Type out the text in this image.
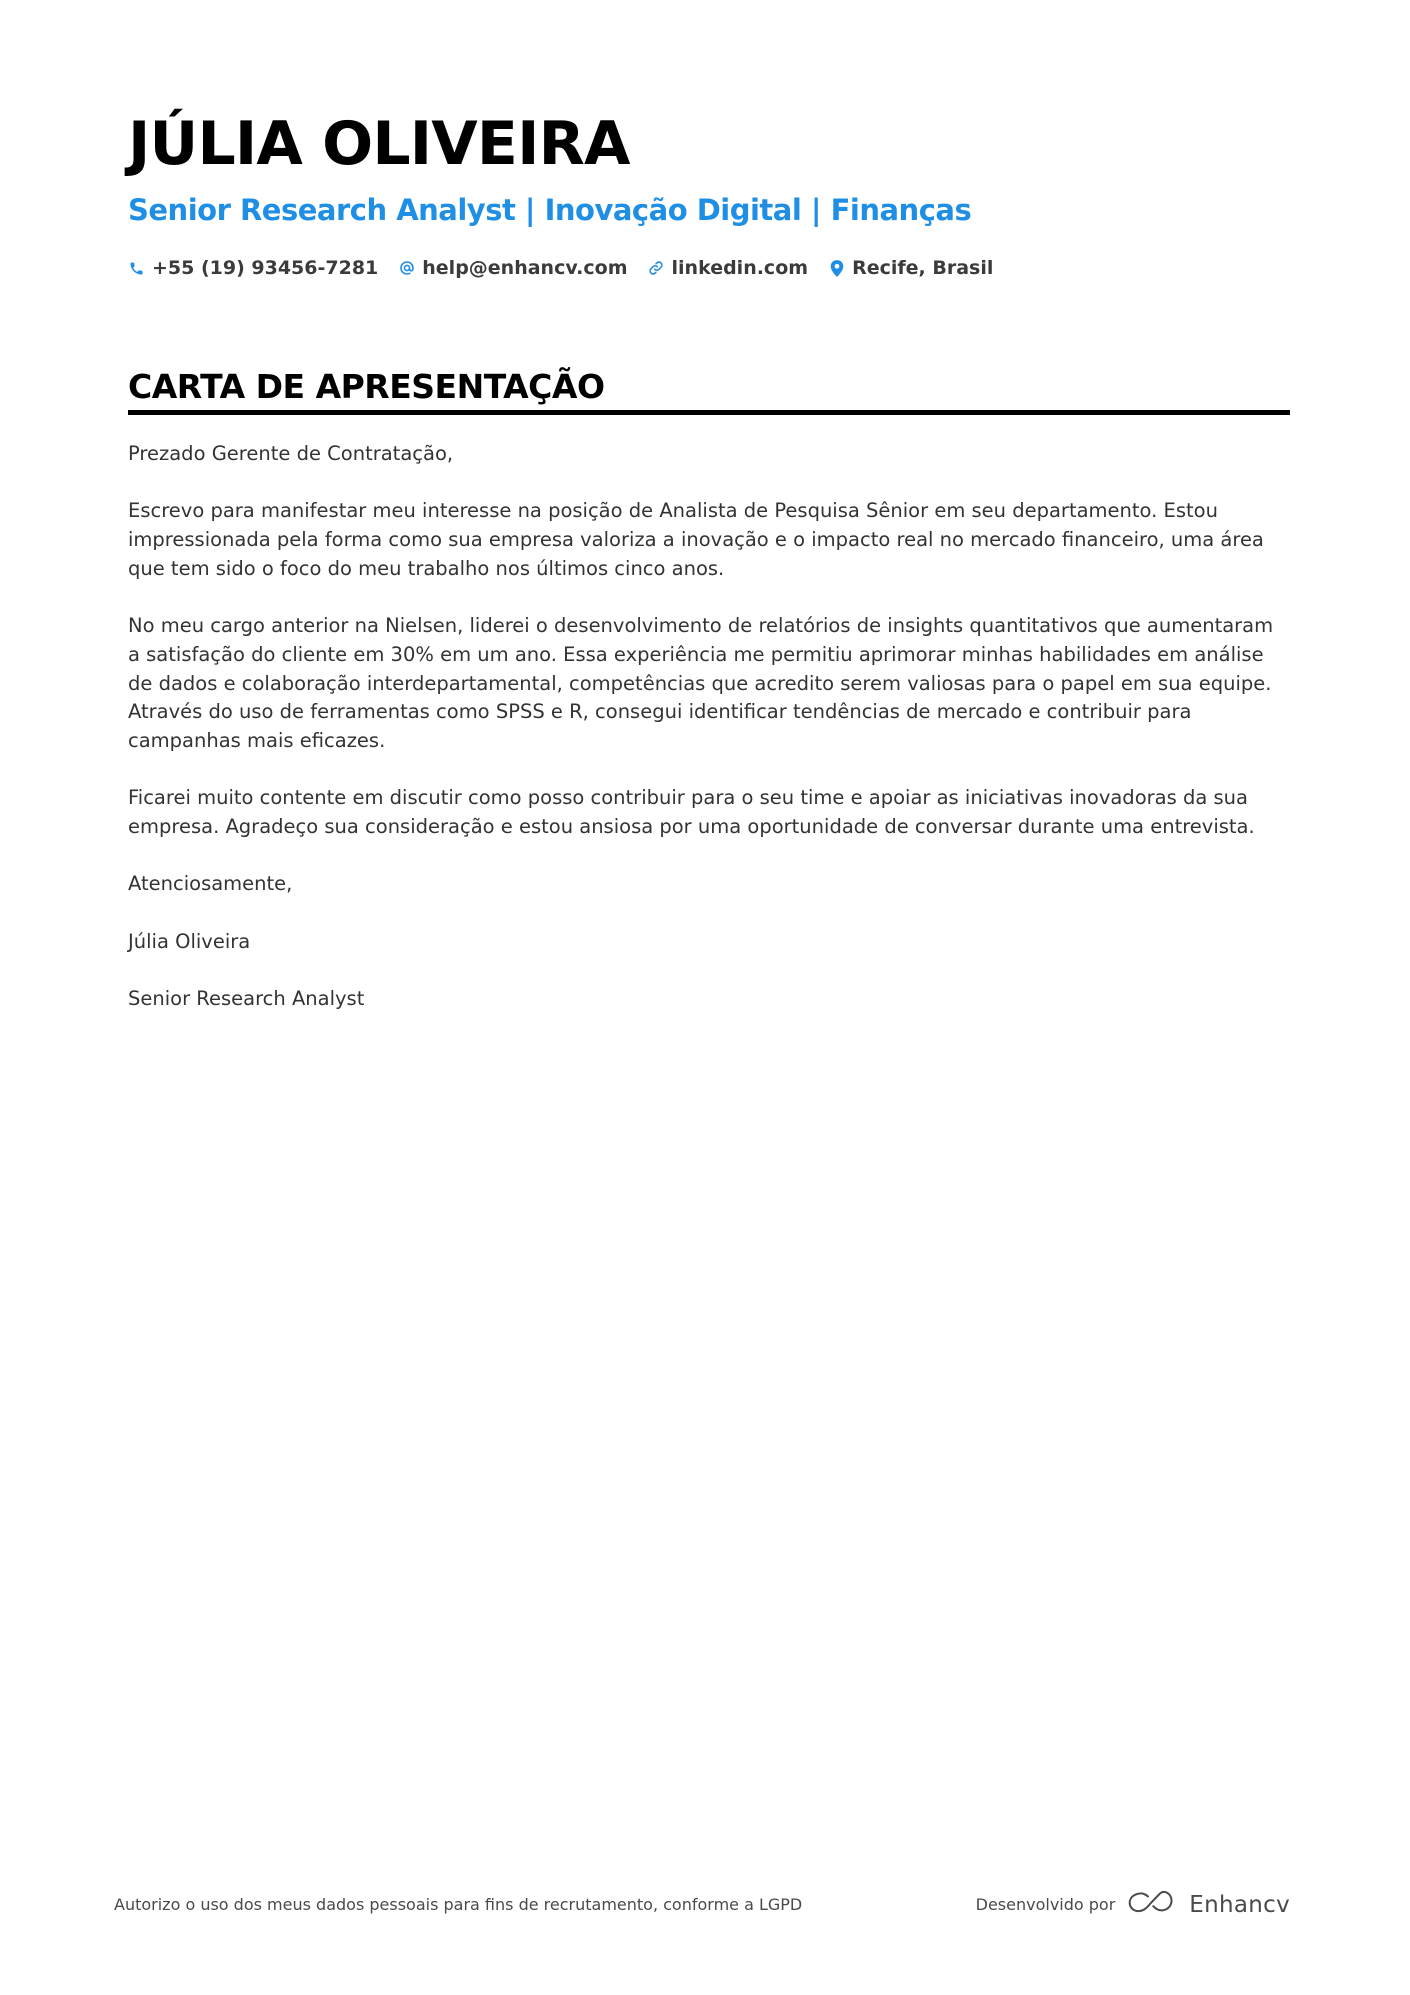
JÚLIA OLIVEIRA
Senior Research Analyst | Inovação Digital | Finanças
+55 (19) 93456-7281 help@enhancv.com linkedin.com Recife, Brasil
CARTA DE APRESENTAÇÃO

Prezado Gerente de Contratação,

Escrevo para manifestar meu interesse na posição de Analista de Pesquisa Sênior em seu departamento. Estou impressionada pela forma como sua empresa valoriza a inovação e o impacto real no mercado financeiro, uma área que tem sido o foco do meu trabalho nos últimos cinco anos.

No meu cargo anterior na Nielsen, liderei o desenvolvimento de relatórios de insights quantitativos que aumentaram a satisfação do cliente em 30% em um ano. Essa experiência me permitiu aprimorar minhas habilidades em análise de dados e colaboração interdepartamental, competências que acredito serem valiosas para o papel em sua equipe. Através do uso de ferramentas como SPSS e R, consegui identificar tendências de mercado e contribuir para campanhas mais eficazes.

Ficarei muito contente em discutir como posso contribuir para o seu time e apoiar as iniciativas inovadoras da sua empresa. Agradeço sua consideração e estou ansiosa por uma oportunidade de conversar durante uma entrevista.

Atenciosamente,

Júlia Oliveira

Senior Research Analyst

Autorizo o uso dos meus dados pessoais para fins de recrutamento, conforme a LGPD	Desenvolvido por	Enhancv
